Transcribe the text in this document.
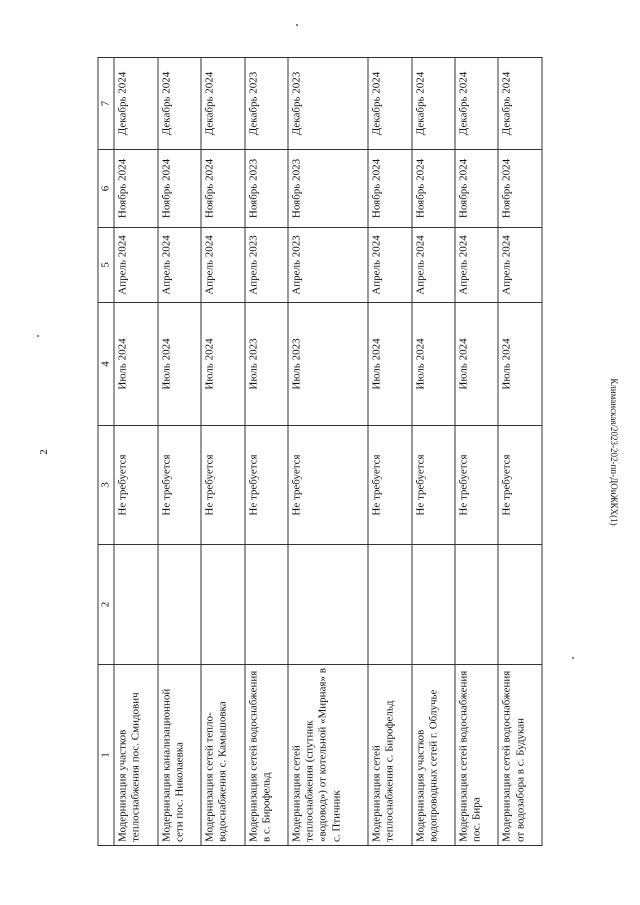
2	Климанская/2023-202-пп-ДОиЖКХ(1)
1	2	3	4	5	6	7
Модернизация участков теплоснабжения пос. Смидович		Не требуется	Июль 2024	Апрель 2024	Ноябрь 2024	Декабрь 2024
Модернизация канализационной сети пос. Николаевка		Не требуется	Июль 2024	Апрель 2024	Ноябрь 2024	Декабрь 2024
Модернизация сетей тепло-водоснабжения с. Камышовка		Не требуется	Июль 2024	Апрель 2024	Ноябрь 2024	Декабрь 2024
Модернизация сетей водоснабжения в с. Бирофельд		Не требуется	Июль 2023	Апрель 2023	Ноябрь 2023	Декабрь 2023
Модернизация сетей теплоснабжения (спутник «водовод») от котельной «Мирная» в с. Птичник		Не требуется	Июль 2023	Апрель 2023	Ноябрь 2023	Декабрь 2023
Модернизация сетей теплоснабжения с. Бирофельд		Не требуется	Июль 2024	Апрель 2024	Ноябрь 2024	Декабрь 2024
Модернизация участков водопроводных сетей г. Облучье		Не требуется	Июль 2024	Апрель 2024	Ноябрь 2024	Декабрь 2024
Модернизация сетей водоснабжения пос. Бира		Не требуется	Июль 2024	Апрель 2024	Ноябрь 2024	Декабрь 2024
Модернизация сетей водоснабжения от водозабора в с. Будукан		Не требуется	Июль 2024	Апрель 2024	Ноябрь 2024	Декабрь 2024
